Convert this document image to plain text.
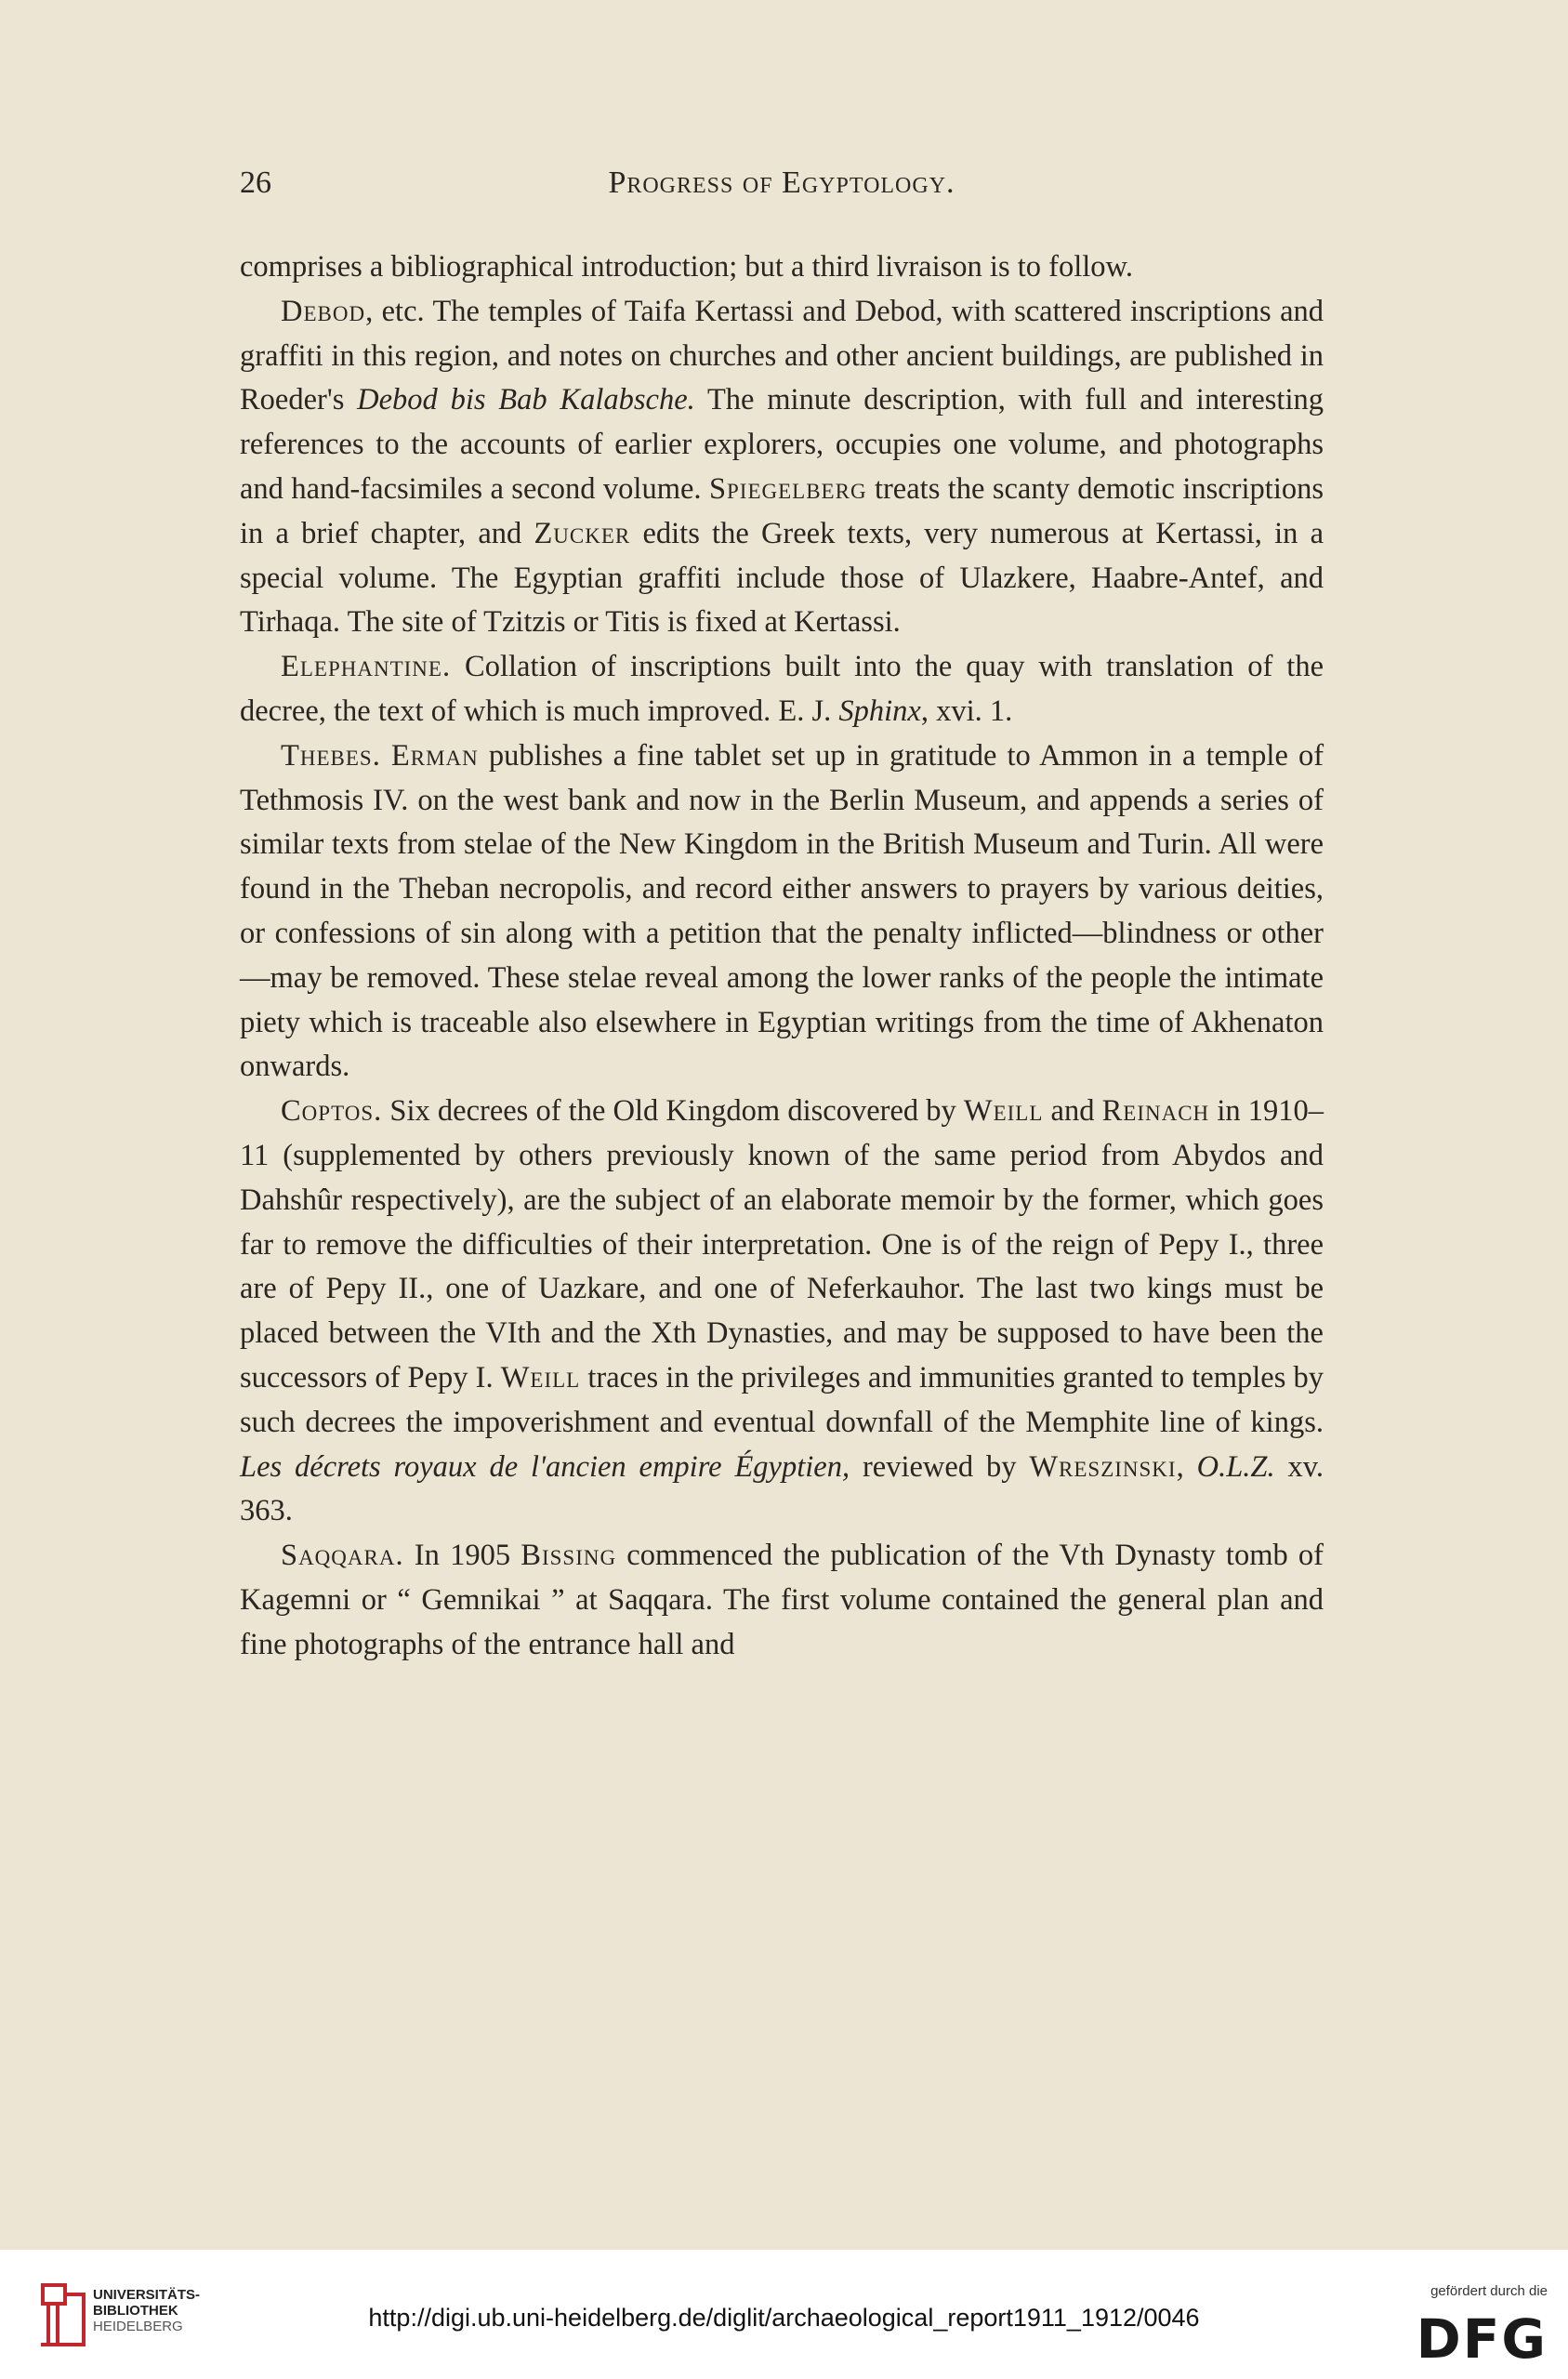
26	Progress of Egyptology.

comprises a bibliographical introduction; but a third livraison is to follow.

Debod, etc. The temples of Taifa Kertassi and Debod, with scattered inscriptions and graffiti in this region, and notes on churches and other ancient buildings, are published in Roeder's Debod bis Bab Kalabsche. The minute description, with full and interesting references to the accounts of earlier explorers, occupies one volume, and photographs and hand-facsimiles a second volume. Spiegelberg treats the scanty demotic inscriptions in a brief chapter, and Zucker edits the Greek texts, very numerous at Kertassi, in a special volume. The Egyptian graffiti include those of Ulazkere, Haabre-Antef, and Tirhaqa. The site of Tzitzis or Titis is fixed at Kertassi.

Elephantine. Collation of inscriptions built into the quay with translation of the decree, the text of which is much improved. E. J. Sphinx, xvi. 1.

Thebes. Erman publishes a fine tablet set up in gratitude to Ammon in a temple of Tethmosis IV. on the west bank and now in the Berlin Museum, and appends a series of similar texts from stelae of the New Kingdom in the British Museum and Turin. All were found in the Theban necropolis, and record either answers to prayers by various deities, or confessions of sin along with a petition that the penalty inflicted—blindness or other—may be removed. These stelae reveal among the lower ranks of the people the intimate piety which is traceable also elsewhere in Egyptian writings from the time of Akhenaton onwards.

Coptos. Six decrees of the Old Kingdom discovered by Weill and Reinach in 1910–11 (supplemented by others previously known of the same period from Abydos and Dahshûr respectively), are the subject of an elaborate memoir by the former, which goes far to remove the difficulties of their interpretation. One is of the reign of Pepy I., three are of Pepy II., one of Uazkare, and one of Neferkauhor. The last two kings must be placed between the VIth and the Xth Dynasties, and may be supposed to have been the successors of Pepy I. Weill traces in the privileges and immunities granted to temples by such decrees the impoverishment and eventual downfall of the Memphite line of kings. Les décrets royaux de l'ancien empire Égyptien, reviewed by Wreszinski, O.L.Z. xv. 363.

Saqqara. In 1905 Bissing commenced the publication of the Vth Dynasty tomb of Kagemni or “ Gemnikai ” at Saqqara. The first volume contained the general plan and fine photographs of the entrance hall and

UNIVERSITÄTS-
BIBLIOTHEK
HEIDELBERG	http://digi.ub.uni-heidelberg.de/diglit/archaeological_report1911_1912/0046
gefördert durch die
DFG
